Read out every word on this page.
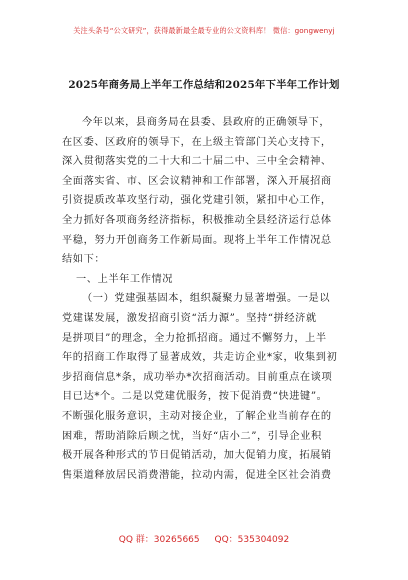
关注头条号“公文研究”，获得最新最全最专业的公文资料库！ 微信：gongwenyj
2025年商务局上半年工作总结和2025年下半年工作计划
今年以来，县商务局在县委、县政府的正确领导下，
在区委、区政府的领导下，在上级主管部门关心支持下，
深入贯彻落实党的二十大和二十届二中、三中全会精神、
全面落实省、市、区会议精神和工作部署，深入开展招商
引资提质改革攻坚行动，强化党建引领，紧扣中心工作，
全力抓好各项商务经济指标，积极推动全县经济运行总体
平稳，努力开创商务工作新局面。现将上半年工作情况总
结如下：
一、上半年工作情况
（一）党建强基固本，组织凝聚力显著增强。一是以
党建谋发展，激发招商引资“活力源”。坚持“拼经济就
是拼项目”的理念，全力抢抓招商。通过不懈努力，上半
年的招商工作取得了显著成效，共走访企业*家，收集到初
步招商信息*条，成功举办*次招商活动。目前重点在谈项
目已达*个。二是以党建优服务，按下促消费“快进键”。
不断强化服务意识，主动对接企业，了解企业当前存在的
困难，帮助消除后顾之忧，当好“店小二”，引导企业积
极开展各种形式的节日促销活动，加大促销力度，拓展销
售渠道释放居民消费潜能，拉动内需，促进全区社会消费
QQ 群：30265665 QQ：535304092
